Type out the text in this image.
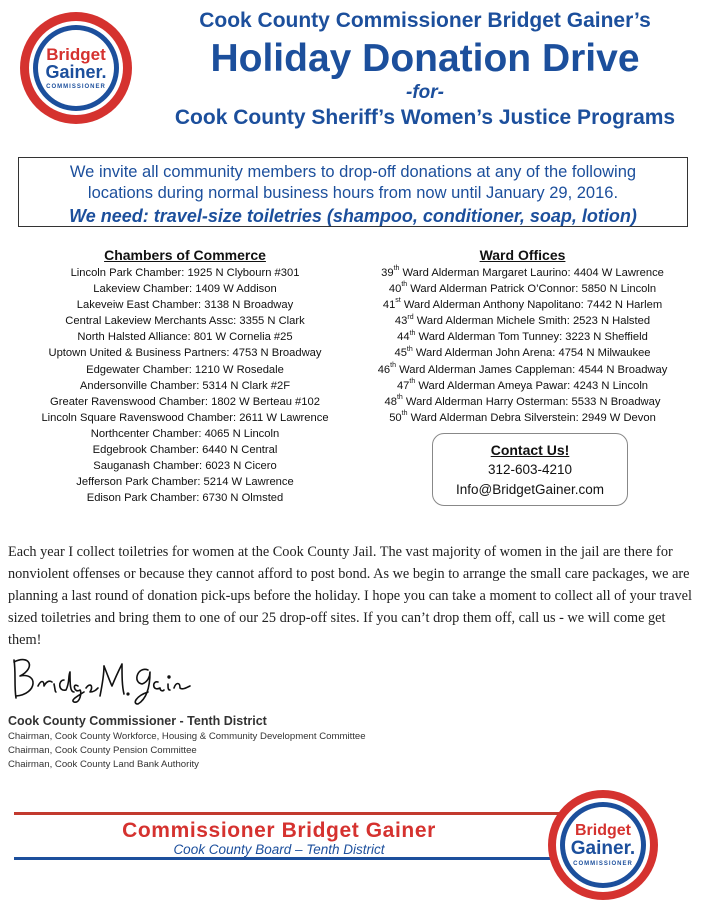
Bridget
Gainer.
COMMISSIONER
Cook County Commissioner Bridget Gainer’s
Holiday Donation Drive
-for-
Cook County Sheriff’s Women’s Justice Programs
We invite all community members to drop-off donations at any of the following
locations during normal business hours from now until January 29, 2016.
We need: travel-size toiletries (shampoo, conditioner, soap, lotion)
Chambers of Commerce
Lincoln Park Chamber: 1925 N Clybourn #301
Lakeview Chamber: 1409 W Addison
Lakeveiw East Chamber: 3138 N Broadway
Central Lakeview Merchants Assc: 3355 N Clark
North Halsted Alliance: 801 W Cornelia #25
Uptown United & Business Partners: 4753 N Broadway
Edgewater Chamber: 1210 W Rosedale
Andersonville Chamber: 5314 N Clark #2F
Greater Ravenswood Chamber: 1802 W Berteau #102
Lincoln Square Ravenswood Chamber: 2611 W Lawrence
Northcenter Chamber: 4065 N Lincoln
Edgebrook Chamber: 6440 N Central
Sauganash Chamber: 6023 N Cicero
Jefferson Park Chamber: 5214 W Lawrence
Edison Park Chamber: 6730 N Olmsted
Ward Offices
39th Ward Alderman Margaret Laurino: 4404 W Lawrence
40th Ward Alderman Patrick O’Connor: 5850 N Lincoln
41st Ward Alderman Anthony Napolitano: 7442 N Harlem
43rd Ward Alderman Michele Smith: 2523 N Halsted
44th Ward Alderman Tom Tunney: 3223 N Sheffield
45th Ward Alderman John Arena: 4754 N Milwaukee
46th Ward Alderman James Cappleman: 4544 N Broadway
47th Ward Alderman Ameya Pawar: 4243 N Lincoln
48th Ward Alderman Harry Osterman: 5533 N Broadway
50th Ward Alderman Debra Silverstein: 2949 W Devon
Contact Us!
312-603-4210
Info@BridgetGainer.com
Each year I collect toiletries for women at the Cook County Jail. The vast majority of women in the jail are there for nonviolent offenses or because they cannot afford to post bond. As we begin to arrange the small care packages, we are planning a last round of donation pick-ups before the holiday. I hope you can take a moment to collect all of your travel sized toiletries and bring them to one of our 25 drop-off sites. If you can’t drop them off, call us - we will come get them!
Cook County Commissioner - Tenth District
Chairman, Cook County Workforce, Housing & Community Development Committee
Chairman, Cook County Pension Committee
Chairman, Cook County Land Bank Authority
Commissioner Bridget Gainer
Cook County Board – Tenth District
Bridget
Gainer.
COMMISSIONER
